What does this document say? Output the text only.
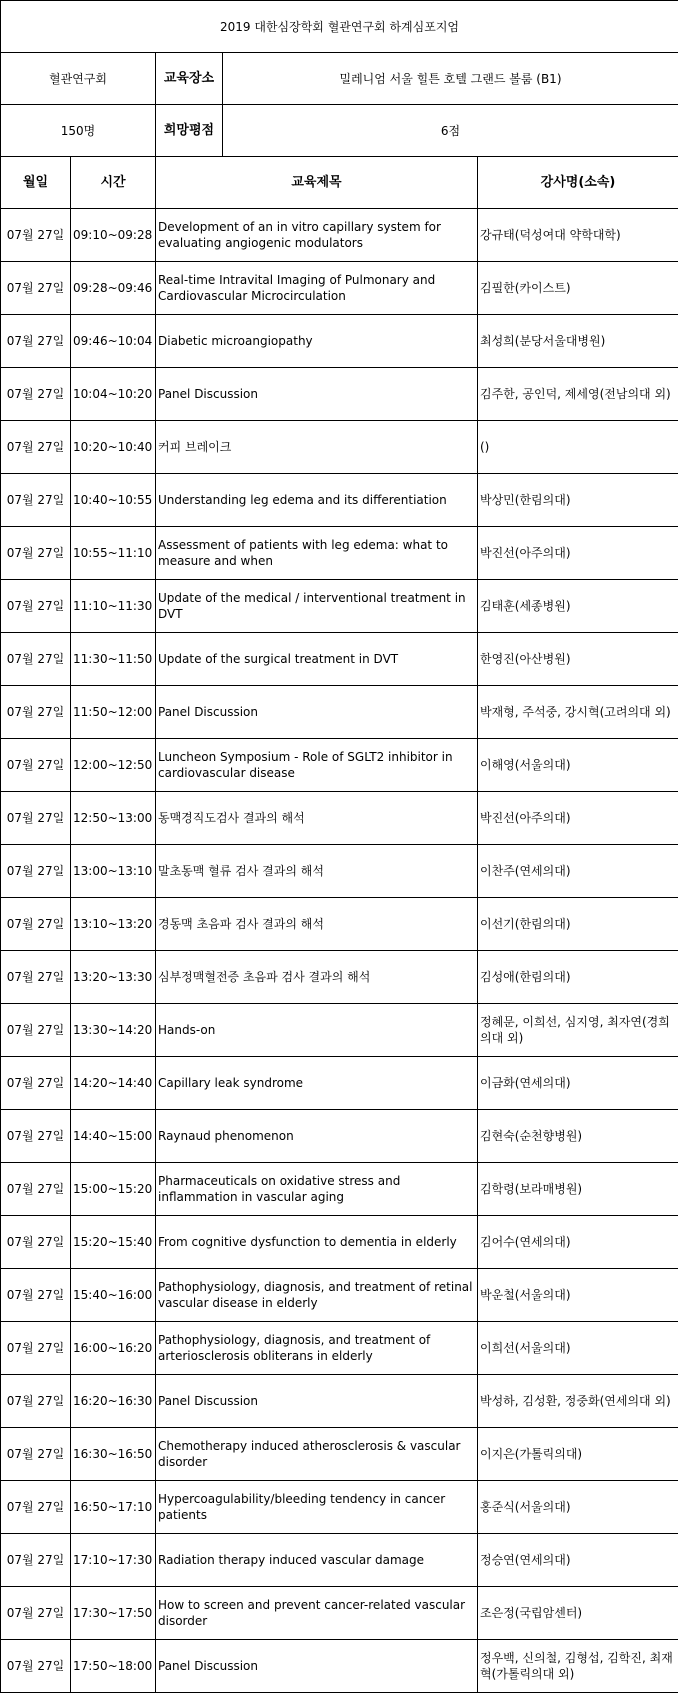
2019 대한심장학회 혈관연구회 하계심포지엄			
혈관연구회		교육장소 밀레니엄 서울 힐튼 호텔 그랜드 볼룸 (B1)	

150명		희망평점 6점	

월일	시간	교육제목	강사명(소속)
07월 27일	09:10~09:28	Development of an in vitro capillary system for evaluating angiogenic modulators	강규태(덕성여대 약학대학)
07월 27일	09:28~09:46	Real-time Intravital Imaging of Pulmonary and Cardiovascular Microcirculation	김필한(카이스트)
07월 27일	09:46~10:04	Diabetic microangiopathy	최성희(분당서울대병원)
07월 27일	10:04~10:20	Panel Discussion	김주한, 공인덕, 제세영(전남의대 외)
07월 27일	10:20~10:40	커피 브레이크	()
07월 27일	10:40~10:55	Understanding leg edema and its differentiation	박상민(한림의대)
07월 27일	10:55~11:10	Assessment of patients with leg edema: what to measure and when	박진선(아주의대)
07월 27일	11:10~11:30	Update of the medical / interventional treatment in DVT	김태훈(세종병원)
07월 27일	11:30~11:50	Update of the surgical treatment in DVT	한영진(아산병원)
07월 27일	11:50~12:00	Panel Discussion	박재형, 주석중, 강시혁(고려의대 외)
07월 27일	12:00~12:50	Luncheon Symposium - Role of SGLT2 inhibitor in cardiovascular disease	이해영(서울의대)
07월 27일	12:50~13:00	동맥경직도검사 결과의 해석	박진선(아주의대)
07월 27일	13:00~13:10	말초동맥 혈류 검사 결과의 해석	이찬주(연세의대)
07월 27일	13:10~13:20	경동맥 초음파 검사 결과의 해석	이선기(한림의대)
07월 27일	13:20~13:30	심부정맥혈전증 초음파 검사 결과의 해석	김성애(한림의대)
07월 27일	13:30~14:20	Hands-on	정혜문, 이희선, 심지영, 최자연(경희의대 외)
07월 27일	14:20~14:40	Capillary leak syndrome	이금화(연세의대)
07월 27일	14:40~15:00	Raynaud phenomenon	김현숙(순천향병원)
07월 27일	15:00~15:20	Pharmaceuticals on oxidative stress and inflammation in vascular aging	김학령(보라매병원)
07월 27일	15:20~15:40	From cognitive dysfunction to dementia in elderly	김어수(연세의대)
07월 27일	15:40~16:00	Pathophysiology, diagnosis, and treatment of retinal vascular disease in elderly	박운철(서울의대)
07월 27일	16:00~16:20	Pathophysiology, diagnosis, and treatment of arteriosclerosis obliterans in elderly	이희선(서울의대)
07월 27일	16:20~16:30	Panel Discussion	박성하, 김성환, 정중화(연세의대 외)
07월 27일	16:30~16:50	Chemotherapy induced atherosclerosis & vascular disorder	이지은(가톨릭의대)
07월 27일	16:50~17:10	Hypercoagulability/bleeding tendency in cancer patients	홍준식(서울의대)
07월 27일	17:10~17:30	Radiation therapy induced vascular damage	정승연(연세의대)
07월 27일	17:30~17:50	How to screen and prevent cancer-related vascular disorder	조은정(국립암센터)
07월 27일	17:50~18:00	Panel Discussion	정우백, 신의철, 김형섭, 김학진, 최재혁(가톨릭의대 외)
